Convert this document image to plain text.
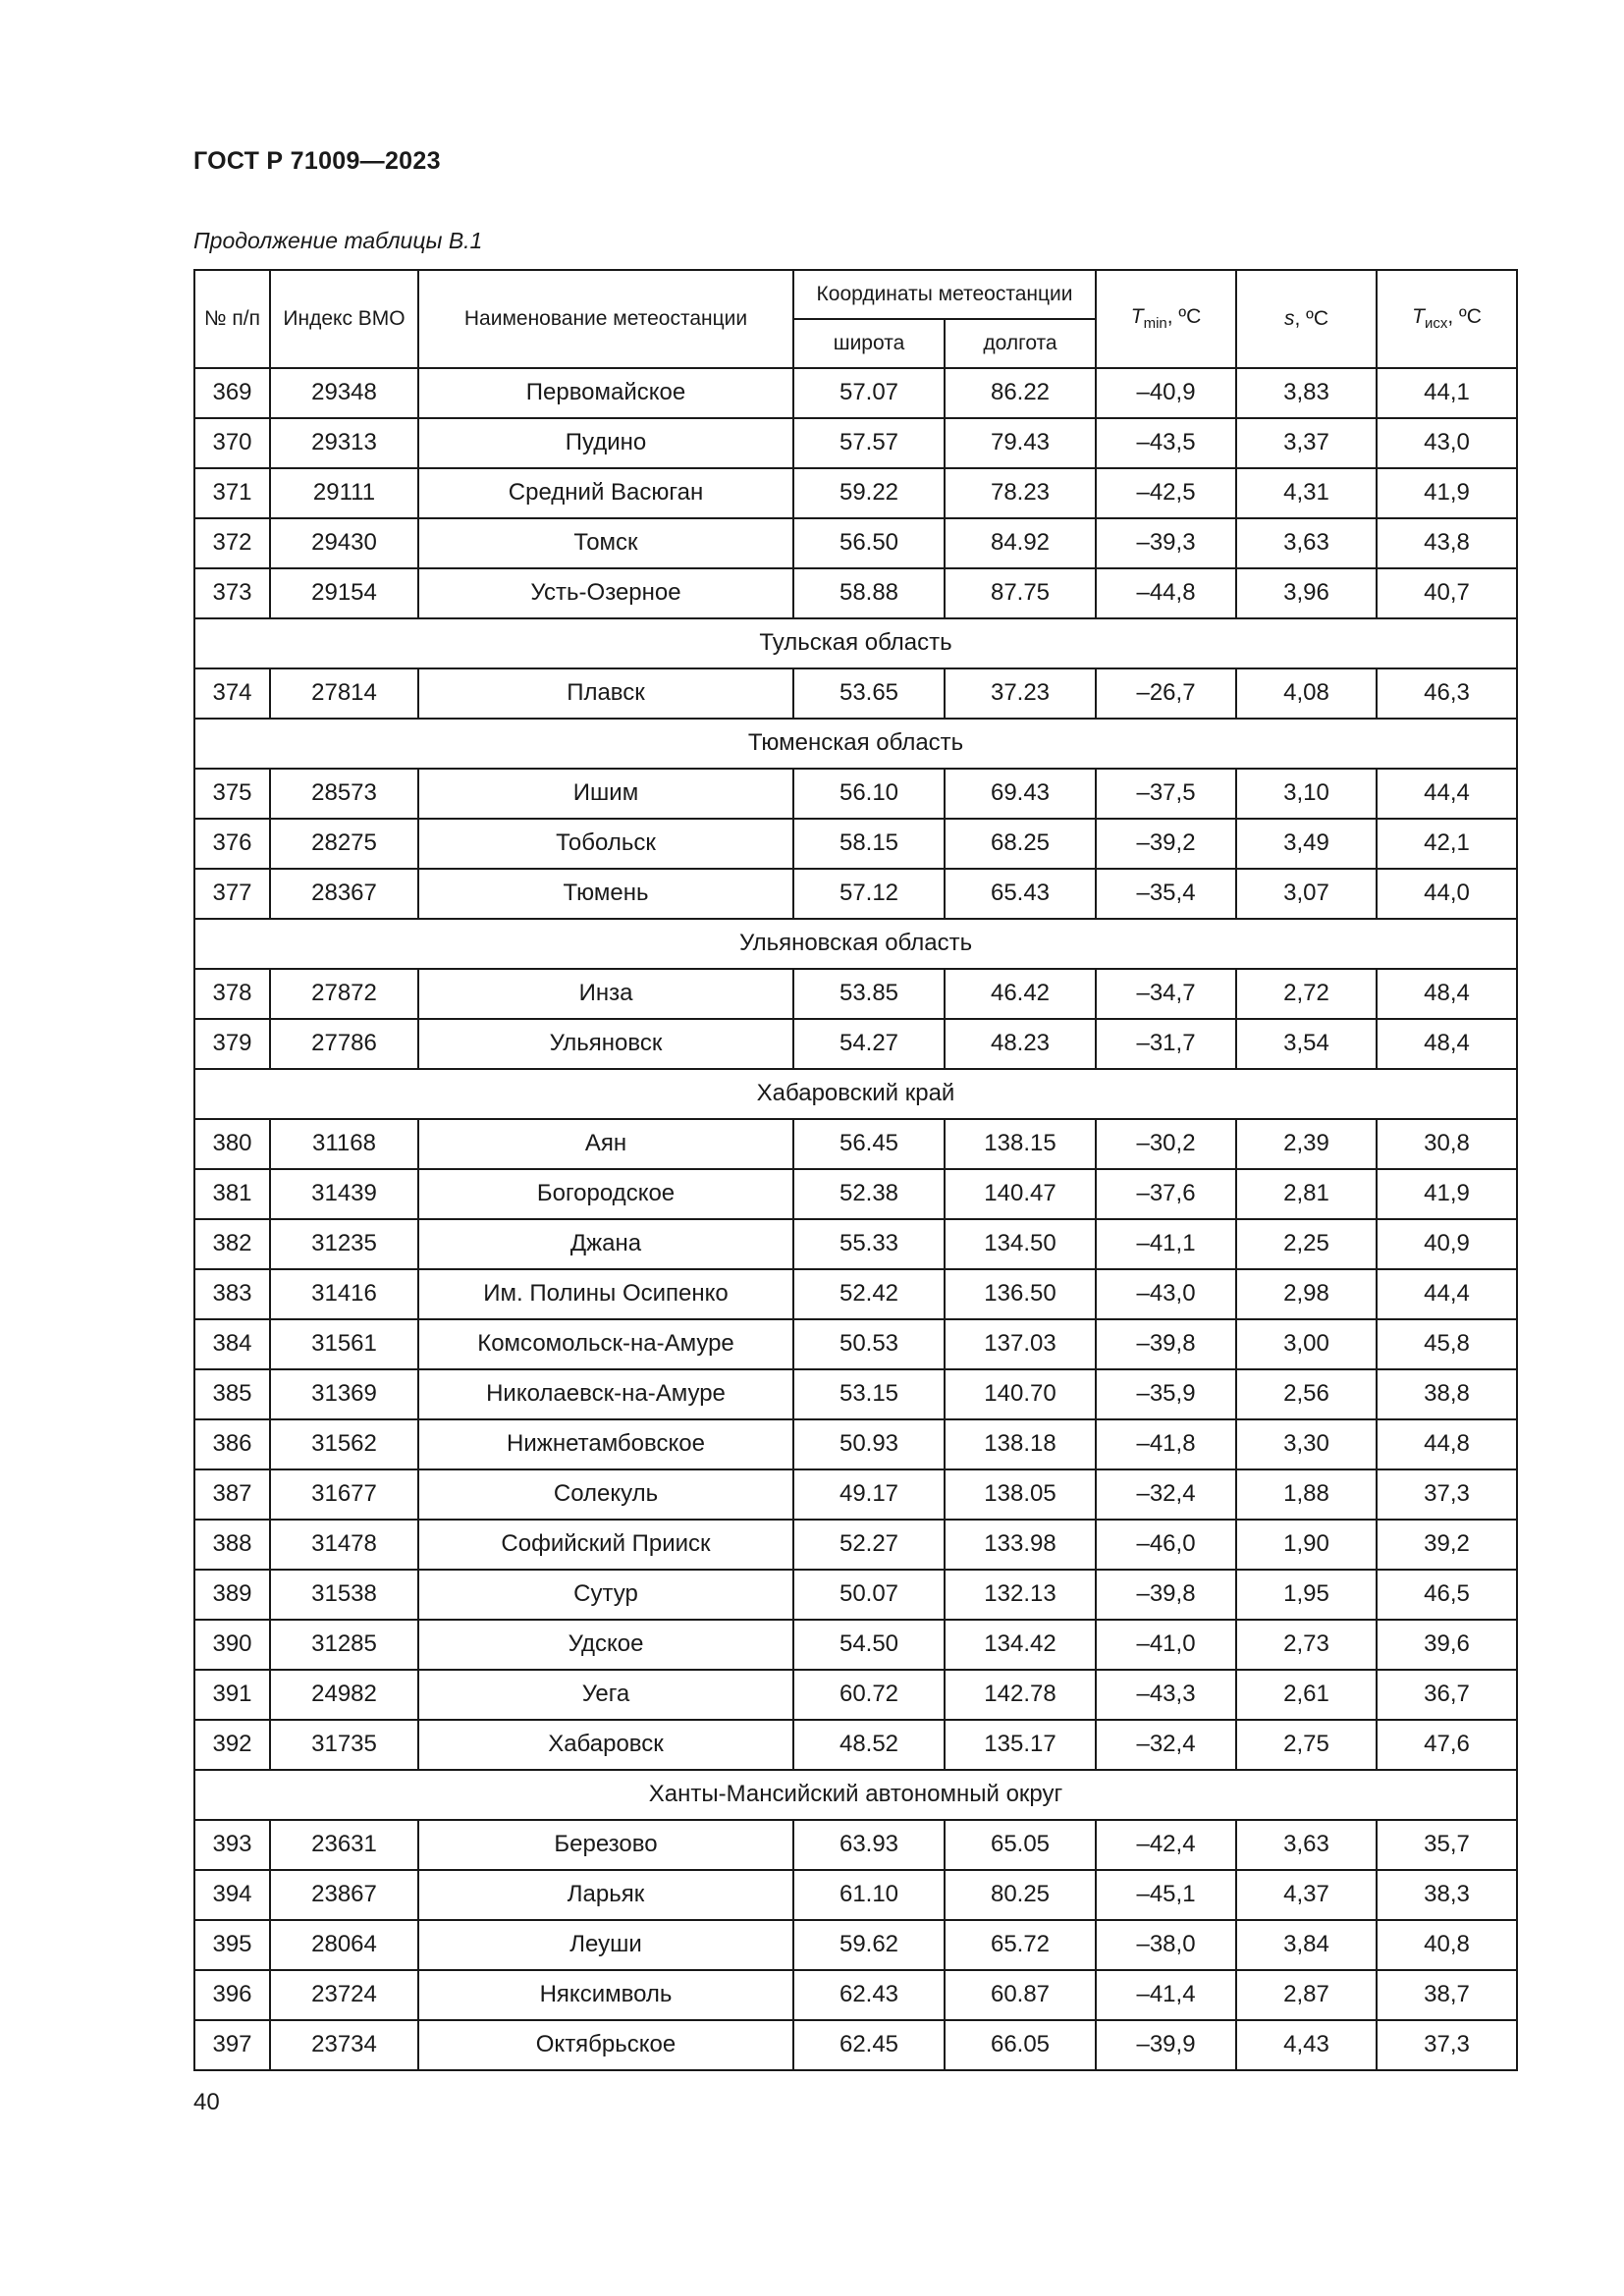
ГОСТ Р 71009—2023
Продолжение таблицы В.1
№ п/п	Индекс ВМО	Наименование метеостанции	Координаты метеостанции		$T_{min}$, ºС	s, ºС	$T_{исх}$, ºС
			широта	долгота			
369	29348	Первомайское	57.07	86.22	–40,9	3,83	44,1
370	29313	Пудино	57.57	79.43	–43,5	3,37	43,0
371	29111	Средний Васюган	59.22	78.23	–42,5	4,31	41,9
372	29430	Томск	56.50	84.92	–39,3	3,63	43,8
373	29154	Усть-Озерное	58.88	87.75	–44,8	3,96	40,7
Тульская область							
374	27814	Плавск	53.65	37.23	–26,7	4,08	46,3
Тюменская область							
375	28573	Ишим	56.10	69.43	–37,5	3,10	44,4
376	28275	Тобольск	58.15	68.25	–39,2	3,49	42,1
377	28367	Тюмень	57.12	65.43	–35,4	3,07	44,0
Ульяновская область							
378	27872	Инза	53.85	46.42	–34,7	2,72	48,4
379	27786	Ульяновск	54.27	48.23	–31,7	3,54	48,4
Хабаровский край							
380	31168	Аян	56.45	138.15	–30,2	2,39	30,8
381	31439	Богородское	52.38	140.47	–37,6	2,81	41,9
382	31235	Джана	55.33	134.50	–41,1	2,25	40,9
383	31416	Им. Полины Осипенко	52.42	136.50	–43,0	2,98	44,4
384	31561	Комсомольск-на-Амуре	50.53	137.03	–39,8	3,00	45,8
385	31369	Николаевск-на-Амуре	53.15	140.70	–35,9	2,56	38,8
386	31562	Нижнетамбовское	50.93	138.18	–41,8	3,30	44,8
387	31677	Солекуль	49.17	138.05	–32,4	1,88	37,3
388	31478	Софийский Прииск	52.27	133.98	–46,0	1,90	39,2
389	31538	Сутур	50.07	132.13	–39,8	1,95	46,5
390	31285	Удское	54.50	134.42	–41,0	2,73	39,6
391	24982	Уега	60.72	142.78	–43,3	2,61	36,7
392	31735	Хабаровск	48.52	135.17	–32,4	2,75	47,6
Ханты-Мансийский автономный округ							
393	23631	Березово	63.93	65.05	–42,4	3,63	35,7
394	23867	Ларьяк	61.10	80.25	–45,1	4,37	38,3
395	28064	Леуши	59.62	65.72	–38,0	3,84	40,8
396	23724	Няксимволь	62.43	60.87	–41,4	2,87	38,7
397	23734	Октябрьское	62.45	66.05	–39,9	4,43	37,3
40
